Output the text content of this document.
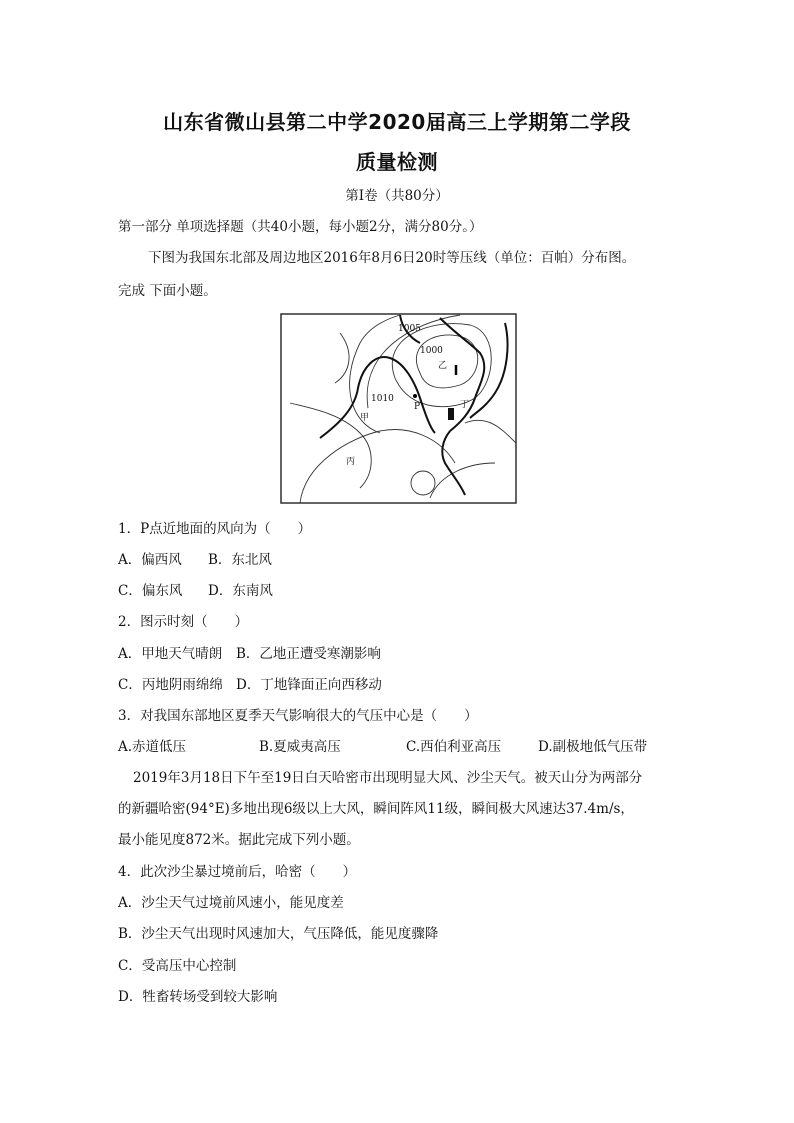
山东省微山县第二中学2020届高三上学期第二学段
质量检测
第Ⅰ卷（共80分）
第一部分 单项选择题（共40小题，每小题2分，满分80分。）
下图为我国东北部及周边地区2016年8月6日20时等压线（单位：百帕）分布图。
完成 下面小题。
1005
1000
1010
乙
P	丁
甲
丙
1．P点近地面的风向为（　　）
A．偏西风 B．东北风
C．偏东风 D．东南风
2．图示时刻（　　）
A．甲地天气晴朗 B．乙地正遭受寒潮影响
C．丙地阴雨绵绵 D．丁地锋面正向西移动
3．对我国东部地区夏季天气影响很大的气压中心是（　　）
A.赤道低压	B.夏威夷高压	C.西伯利亚高压	D.副极地低气压带
2019年3月18日下午至19日白天哈密市出现明显大风、沙尘天气。被天山分为两部分
的新疆哈密(94°E)多地出现6级以上大风，瞬间阵风11级，瞬间极大风速达37.4m/s，
最小能见度872米。据此完成下列小题。
4．此次沙尘暴过境前后，哈密（　　）
A．沙尘天气过境前风速小，能见度差
B．沙尘天气出现时风速加大，气压降低，能见度骤降
C．受高压中心控制
D．牲畜转场受到较大影响
